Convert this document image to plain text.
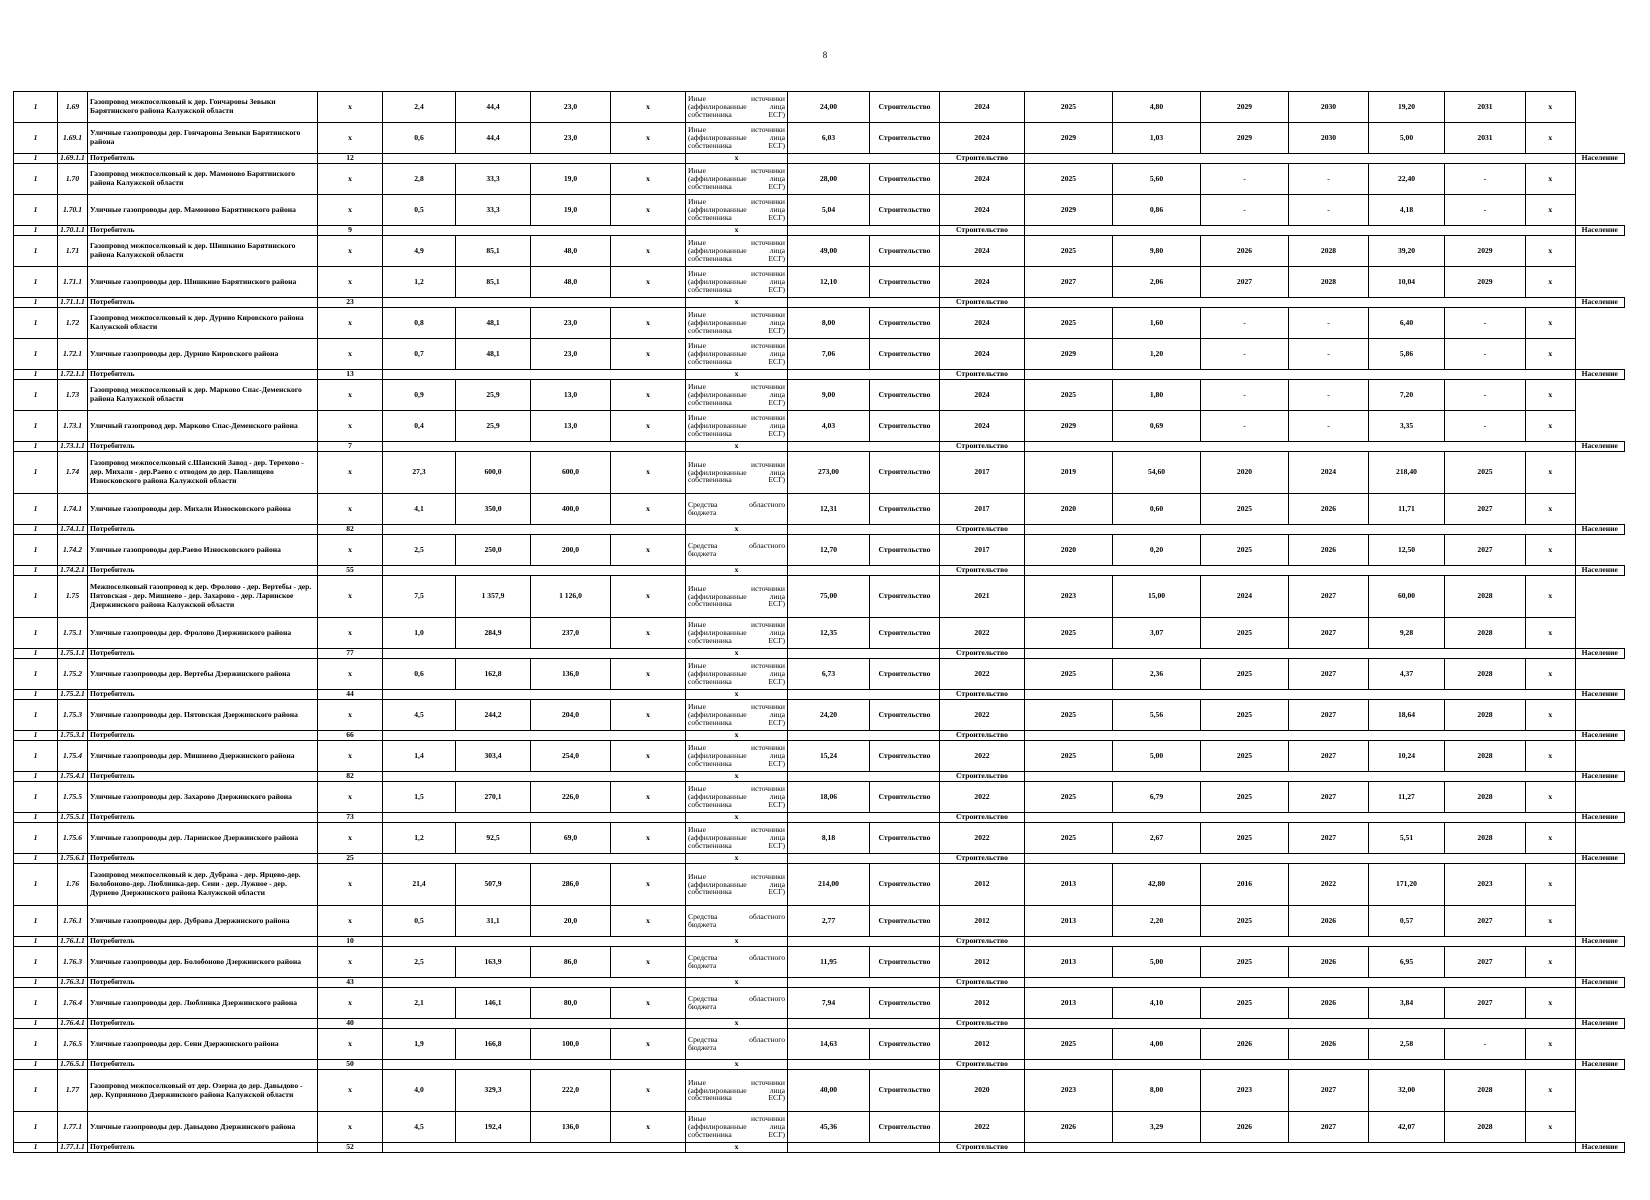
8
1	1.69	Газопровод межпоселковый к дер. Гончаровы Зевыки Барятинского района Калужской области	х	2,4	44,4	23,0	х	Иные источники (аффилированные лица собственника ЕСГ)	24,00	Строительство	2024	2025	4,80	2029	2030	19,20	2031	х	
1	1.69.1	Уличные газопроводы дер. Гончаровы Зевыки Барятинского района	х	0,6	44,4	23,0	х	Иные источники (аффилированные лица собственника ЕСГ)	6,03	Строительство	2024	2029	1,03	2029	2030	5,00	2031	х	
1	1.69.1.1	Потребитель	12					х			Строительство								Население
1	1.70	Газопровод межпоселковый к дер. Мамоново Барятинского района Калужской области	х	2,8	33,3	19,0	х	Иные источники (аффилированные лица собственника ЕСГ)	28,00	Строительство	2024	2025	5,60	-	-	22,40	-	х	
1	1.70.1	Уличные газопроводы дер. Мамоново Барятинского района	х	0,5	33,3	19,0	х	Иные источники (аффилированные лица собственника ЕСГ)	5,04	Строительство	2024	2029	0,86	-	-	4,18	-	х	
1	1.70.1.1	Потребитель	9					х			Строительство								Население
1	1.71	Газопровод межпоселковый к дер. Шишкино Барятинского района Калужской области	х	4,9	85,1	48,0	х	Иные источники (аффилированные лица собственника ЕСГ)	49,00	Строительство	2024	2025	9,80	2026	2028	39,20	2029	х	
1	1.71.1	Уличные газопроводы дер. Шишкино Барятинского района	х	1,2	85,1	48,0	х	Иные источники (аффилированные лица собственника ЕСГ)	12,10	Строительство	2024	2027	2,06	2027	2028	10,04	2029	х	
1	1.71.1.1	Потребитель	23					х			Строительство								Население
1	1.72	Газопровод межпоселковый к дер. Дурнио Кировского района Калужской области	х	0,8	48,1	23,0	х	Иные источники (аффилированные лица собственника ЕСГ)	8,00	Строительство	2024	2025	1,60	-	-	6,40	-	х	
1	1.72.1	Уличные газопроводы дер. Дурнио Кировского района	х	0,7	48,1	23,0	х	Иные источники (аффилированные лица собственника ЕСГ)	7,06	Строительство	2024	2029	1,20	-	-	5,86	-	х	
1	1.72.1.1	Потребитель	13					х			Строительство								Население
1	1.73	Газопровод межпоселковый к дер. Марково Спас-Деменского района Калужской области	х	0,9	25,9	13,0	х	Иные источники (аффилированные лица собственника ЕСГ)	9,00	Строительство	2024	2025	1,80	-	-	7,20	-	х	
1	1.73.1	Уличный газопровод дер. Марково Спас-Деменского района	х	0,4	25,9	13,0	х	Иные источники (аффилированные лица собственника ЕСГ)	4,03	Строительство	2024	2029	0,69	-	-	3,35	-	х	
1	1.73.1.1	Потребитель	7					х			Строительство								Население
1	1.74	Газопровод межпоселковый с.Шанский Завод - дер. Терехово - дер. Михали - дер.Раево с отводом до дер. Павлищево Износковского района Калужской области	х	27,3	600,0	600,0	х	Иные источники (аффилированные лица собственника ЕСГ)	273,00	Строительство	2017	2019	54,60	2020	2024	218,40	2025	х	
1	1.74.1	Уличные газопроводы дер. Михали Износковского района	х	4,1	350,0	400,0	х	Средства областного бюджета	12,31	Строительство	2017	2020	0,60	2025	2026	11,71	2027	х	
1	1.74.1.1	Потребитель	82					х			Строительство								Население
1	1.74.2	Уличные газопроводы дер.Раево Износковского района	х	2,5	250,0	200,0	х	Средства областного бюджета	12,70	Строительство	2017	2020	0,20	2025	2026	12,50	2027	х	
1	1.74.2.1	Потребитель	55					х			Строительство								Население
1	1.75	Межпоселковый газопровод к дер. Фролово - дер. Вертебы - дер. Пятовская - дер. Мишнево - дер. Захарово - дер. Ларинское Дзержинского района Калужской области	х	7,5	1 357,9	1 126,0	х	Иные источники (аффилированные лица собственника ЕСГ)	75,00	Строительство	2021	2023	15,00	2024	2027	60,00	2028	х	
1	1.75.1	Уличные газопроводы дер. Фролово Дзержинского района	х	1,0	284,9	237,0	х	Иные источники (аффилированные лица собственника ЕСГ)	12,35	Строительство	2022	2025	3,07	2025	2027	9,28	2028	х	
1	1.75.1.1	Потребитель	77					х			Строительство								Население
1	1.75.2	Уличные газопроводы дер. Вертебы Дзержинского района	х	0,6	162,8	136,0	х	Иные источники (аффилированные лица собственника ЕСГ)	6,73	Строительство	2022	2025	2,36	2025	2027	4,37	2028	х	
1	1.75.2.1	Потребитель	44					х			Строительство								Население
1	1.75.3	Уличные газопроводы дер. Пятовская Дзержинского района	х	4,5	244,2	204,0	х	Иные источники (аффилированные лица собственника ЕСГ)	24,20	Строительство	2022	2025	5,56	2025	2027	18,64	2028	х	
1	1.75.3.1	Потребитель	66					х			Строительство								Население
1	1.75.4	Уличные газопроводы дер. Мишнево Дзержинского района	х	1,4	303,4	254,0	х	Иные источники (аффилированные лица собственника ЕСГ)	15,24	Строительство	2022	2025	5,00	2025	2027	10,24	2028	х	
1	1.75.4.1	Потребитель	82					х			Строительство								Население
1	1.75.5	Уличные газопроводы дер. Захарово Дзержинского района	х	1,5	270,1	226,0	х	Иные источники (аффилированные лица собственника ЕСГ)	18,06	Строительство	2022	2025	6,79	2025	2027	11,27	2028	х	
1	1.75.5.1	Потребитель	73					х			Строительство								Население
1	1.75.6	Уличные газопроводы дер. Ларинское Дзержинского района	х	1,2	92,5	69,0	х	Иные источники (аффилированные лица собственника ЕСГ)	8,18	Строительство	2022	2025	2,67	2025	2027	5,51	2028	х	
1	1.75.6.1	Потребитель	25					х			Строительство								Население
1	1.76	Газопровод межпоселковый к дер. Дубрава - дер. Ярцево-дер. Болобоново-дер. Люблинка-дер. Сени - дер. Лужное - дер. Дурнево Дзержинского района Калужской области	х	21,4	507,9	286,0	х	Иные источники (аффилированные лица собственника ЕСГ)	214,00	Строительство	2012	2013	42,80	2016	2022	171,20	2023	х	
1	1.76.1	Уличные газопроводы дер. Дубрава Дзержинского района	х	0,5	31,1	20,0	х	Средства областного бюджета	2,77	Строительство	2012	2013	2,20	2025	2026	0,57	2027	х	
1	1.76.1.1	Потребитель	10					х			Строительство								Население
1	1.76.3	Уличные газопроводы дер. Болобоново Дзержинского района	х	2,5	163,9	86,0	х	Средства областного бюджета	11,95	Строительство	2012	2013	5,00	2025	2026	6,95	2027	х	
1	1.76.3.1	Потребитель	43					х			Строительство								Население
1	1.76.4	Уличные газопроводы дер. Люблинка Дзержинского района	х	2,1	146,1	80,0	х	Средства областного бюджета	7,94	Строительство	2012	2013	4,10	2025	2026	3,84	2027	х	
1	1.76.4.1	Потребитель	40					х			Строительство								Население
1	1.76.5	Уличные газопроводы дер. Сени Дзержинского района	х	1,9	166,8	100,0	х	Средства областного бюджета	14,63	Строительство	2012	2025	4,00	2026	2026	2,58	-	х	
1	1.76.5.1	Потребитель	50					х			Строительство								Население
1	1.77	Газопровод межпоселковый от дер. Озерна до дер. Давыдово - дер. Куприяново Дзержинского района Калужской области	х	4,0	329,3	222,0	х	Иные источники (аффилированные лица собственника ЕСГ)	40,00	Строительство	2020	2023	8,00	2023	2027	32,00	2028	х	
1	1.77.1	Уличные газопроводы дер. Давыдово Дзержинского района	х	4,5	192,4	136,0	х	Иные источники (аффилированные лица собственника ЕСГ)	45,36	Строительство	2022	2026	3,29	2026	2027	42,07	2028	х	
1	1.77.1.1	Потребитель	52					х			Строительство								Население
